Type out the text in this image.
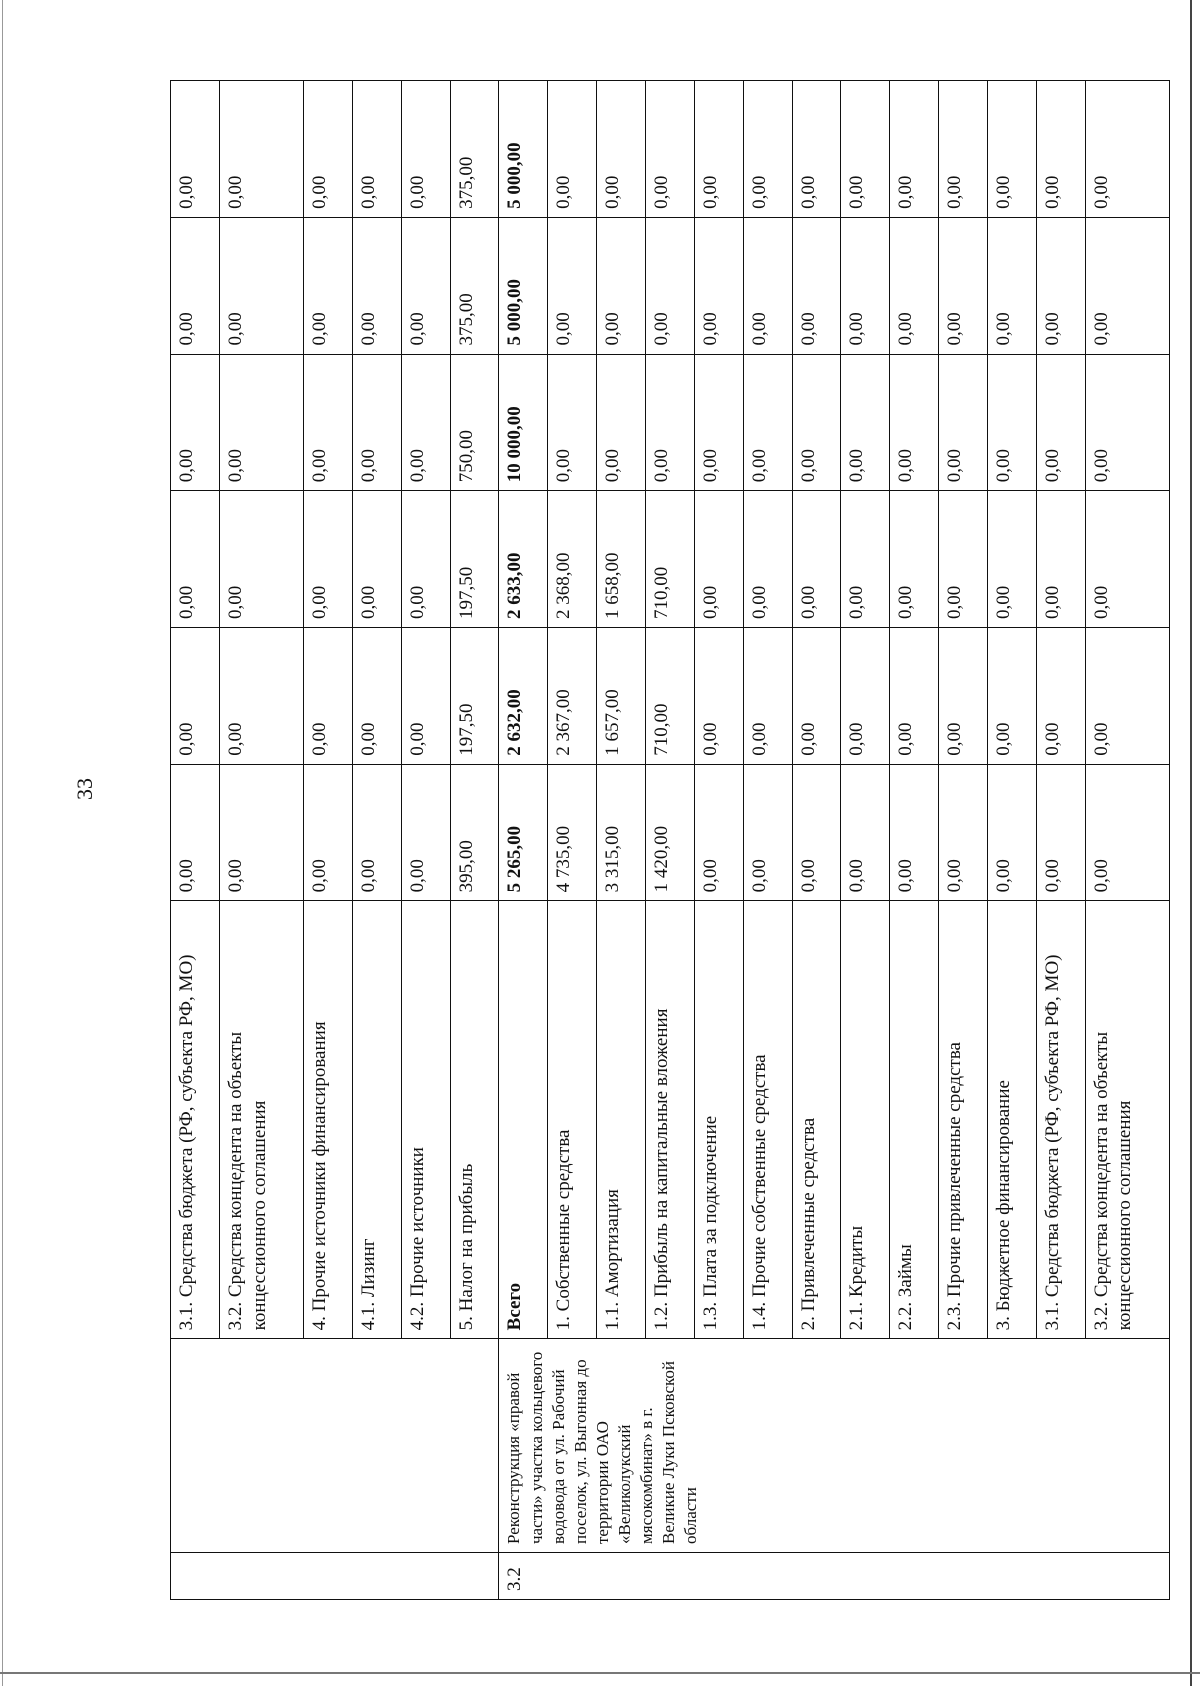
33
		3.1. Средства бюджета (РФ, субъекта РФ, МО)	0,00	0,00	0,00	0,00	0,00	0,00
		3.2. Средства концедента на объекты концессионного соглашения	0,00	0,00	0,00	0,00	0,00	0,00
		4. Прочие источники финансирования	0,00	0,00	0,00	0,00	0,00	0,00
		4.1. Лизинг	0,00	0,00	0,00	0,00	0,00	0,00
		4.2. Прочие источники	0,00	0,00	0,00	0,00	0,00	0,00
		5. Налог на прибыль	395,00	197,50	197,50	750,00	375,00	375,00
3.2	Реконструкция «правой части» участка кольцевого водовода от ул. Рабочий поселок, ул. Выгонная до территории ОАО «Великолукский мясокомбинат» в г. Великие Луки Псковской области	Всего	5 265,00	2 632,00	2 633,00	10 000,00	5 000,00	5 000,00
		1. Собственные средства	4 735,00	2 367,00	2 368,00	0,00	0,00	0,00
		1.1. Амортизация	3 315,00	1 657,00	1 658,00	0,00	0,00	0,00
		1.2. Прибыль на капитальные вложения	1 420,00	710,00	710,00	0,00	0,00	0,00
		1.3. Плата за подключение	0,00	0,00	0,00	0,00	0,00	0,00
		1.4. Прочие собственные средства	0,00	0,00	0,00	0,00	0,00	0,00
		2. Привлеченные средства	0,00	0,00	0,00	0,00	0,00	0,00
		2.1. Кредиты	0,00	0,00	0,00	0,00	0,00	0,00
		2.2. Займы	0,00	0,00	0,00	0,00	0,00	0,00
		2.3. Прочие привлеченные средства	0,00	0,00	0,00	0,00	0,00	0,00
		3. Бюджетное финансирование	0,00	0,00	0,00	0,00	0,00	0,00
		3.1. Средства бюджета (РФ, субъекта РФ, МО)	0,00	0,00	0,00	0,00	0,00	0,00
		3.2. Средства концедента на объекты концессионного соглашения	0,00	0,00	0,00	0,00	0,00	0,00
